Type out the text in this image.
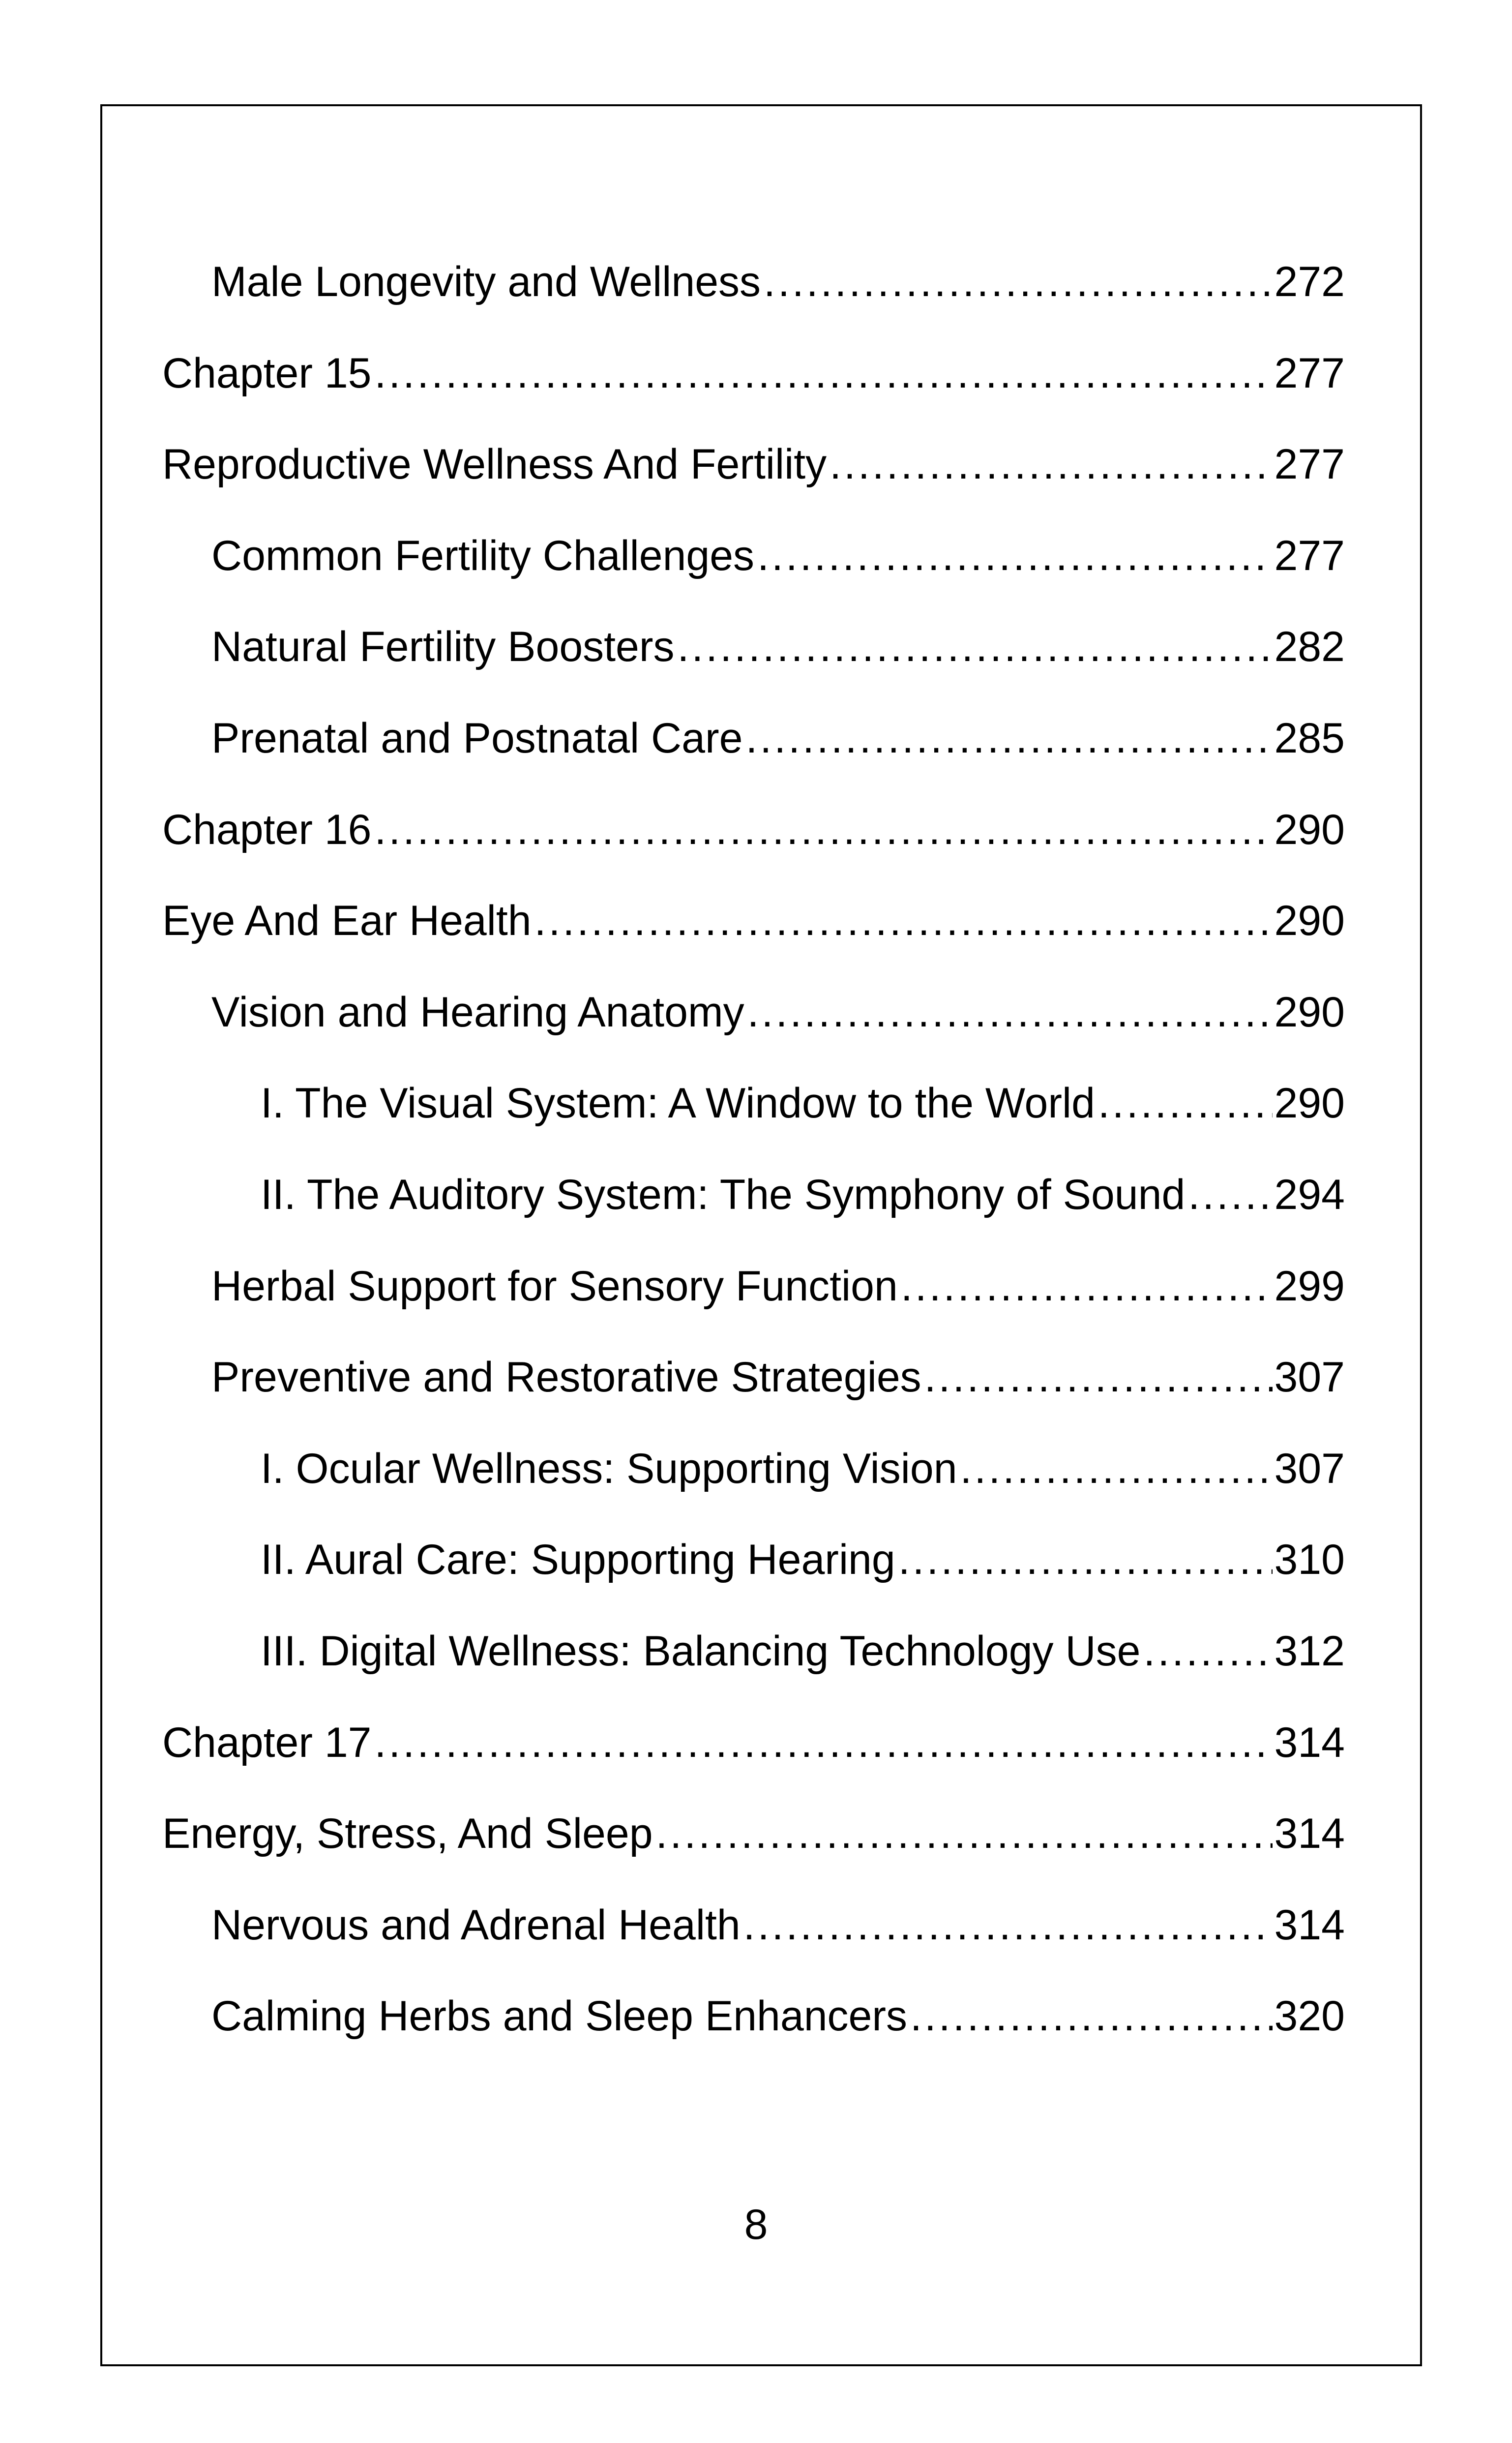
Male Longevity and Wellness .....	272
Chapter 15 .....	277
Reproductive Wellness And Fertility .....	277
Common Fertility Challenges .....	277
Natural Fertility Boosters .....	282
Prenatal and Postnatal Care .....	285
Chapter 16 .....	290
Eye And Ear Health .....	290
Vision and Hearing Anatomy .....	290
I. The Visual System: A Window to the World .....	290
II. The Auditory System: The Symphony of Sound ..... 294
Herbal Support for Sensory Function .....	299
Preventive and Restorative Strategies .....	307
I. Ocular Wellness: Supporting Vision .....	307
II. Aural Care: Supporting Hearing .....	310
III. Digital Wellness: Balancing Technology Use .....	312
Chapter 17 .....	314
Energy, Stress, And Sleep .....	314
Nervous and Adrenal Health .....	314
Calming Herbs and Sleep Enhancers .....	320
8
